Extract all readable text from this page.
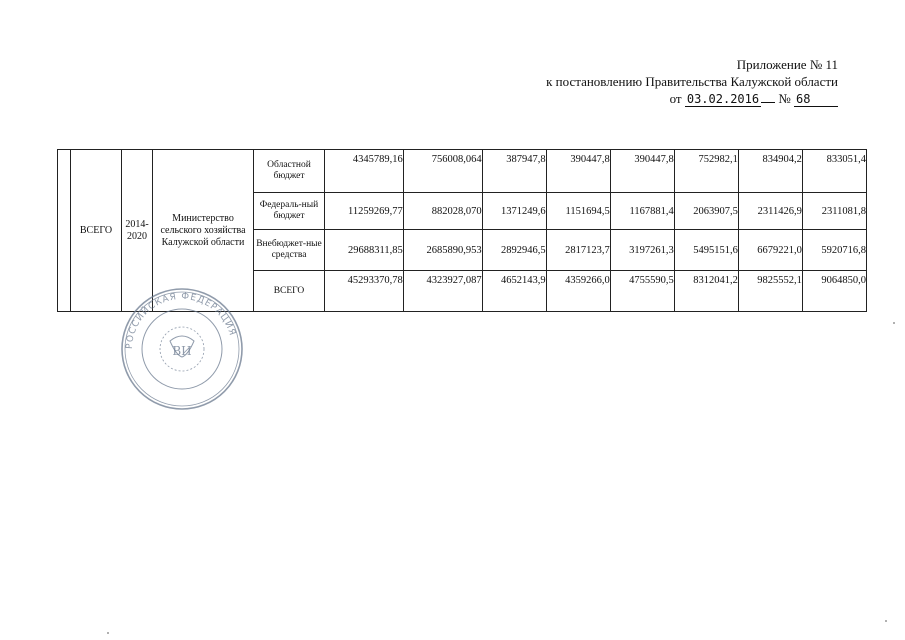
Приложение № 11
к постановлению Правительства Калужской области
от 03.02.2016 № 68
	ВСЕГО	2014-2020	Министерство сельского хозяйства Калужской области	Областной бюджет	4345789,16	756008,064	387947,8	390447,8	390447,8	752982,1	834904,2	833051,4
				Федераль-ный бюджет	11259269,77	882028,070	1371249,6	1151694,5	1167881,4	2063907,5	2311426,9	2311081,8
				Внебюджет-ные средства	29688311,85	2685890,953	2892946,5	2817123,7	3197261,3	5495151,6	6679221,0	5920716,8
				ВСЕГО	45293370,78	4323927,087	4652143,9	4359266,0	4755590,5	8312041,2	9825552,1	9064850,0
РОССИЙСКАЯ ФЕДЕРАЦИЯ
ВИ
